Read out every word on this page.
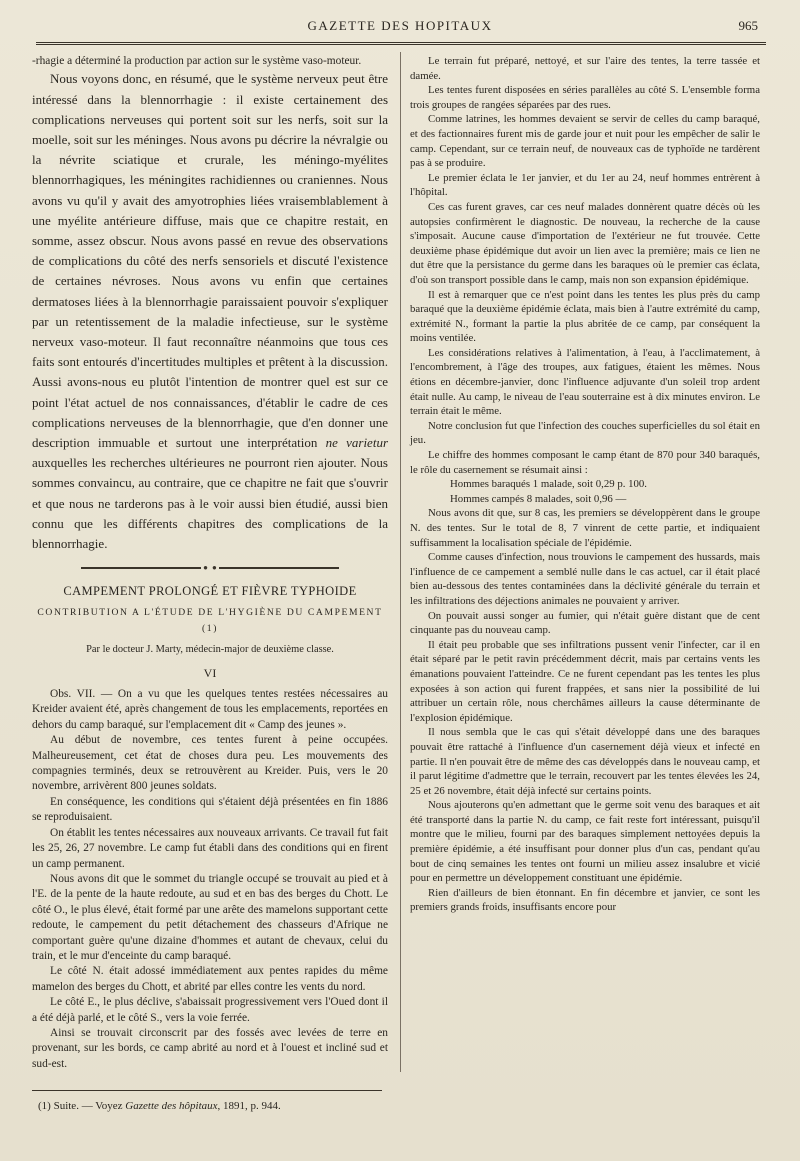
GAZETTE DES HOPITAUX	965

-rhagie a déterminé la production par action sur le système vaso-moteur.

Nous voyons donc, en résumé, que le système nerveux peut être intéressé dans la blennorrhagie : il existe certainement des complications nerveuses qui portent soit sur les nerfs, soit sur la moelle, soit sur les méninges. Nous avons pu décrire la névralgie ou la névrite sciatique et crurale, les méningo-myélites blennorrhagiques, les méningites rachidiennes ou craniennes. Nous avons vu qu'il y avait des amyotrophies liées vraisemblablement à une myélite antérieure diffuse, mais que ce chapitre restait, en somme, assez obscur. Nous avons passé en revue des observations de complications du côté des nerfs sensoriels et discuté l'existence de certaines névroses. Nous avons vu enfin que certaines dermatoses liées à la blennorrhagie paraissaient pouvoir s'expliquer par un retentissement de la maladie infectieuse, sur le système nerveux vaso-moteur. Il faut reconnaître néanmoins que tous ces faits sont entourés d'incertitudes multiples et prêtent à la discussion. Aussi avons-nous eu plutôt l'intention de montrer quel est sur ce point l'état actuel de nos connaissances, d'établir le cadre de ces complications nerveuses de la blennorrhagie, que d'en donner une description immuable et surtout une interprétation ne varietur auxquelles les recherches ultérieures ne pourront rien ajouter. Nous sommes convaincu, au contraire, que ce chapitre ne fait que s'ouvrir et que nous ne tarderons pas à le voir aussi bien étudié, aussi bien connu que les différents chapitres des complications de la blennorrhagie.

● ●
CAMPEMENT PROLONGÉ ET FIÈVRE TYPHOIDE
CONTRIBUTION A L'ÉTUDE DE L'HYGIÈNE DU CAMPEMENT (1)
Par le docteur J. Marty, médecin-major de deuxième classe.
VI

Obs. VII. — On a vu que les quelques tentes restées nécessaires au Kreider avaient été, après changement de tous les emplacements, reportées en dehors du camp baraqué, sur l'emplacement dit « Camp des jeunes ».

Au début de novembre, ces tentes furent à peine occupées. Malheureusement, cet état de choses dura peu. Les mouvements des compagnies terminés, deux se retrouvèrent au Kreider. Puis, vers le 20 novembre, arrivèrent 800 jeunes soldats.

En conséquence, les conditions qui s'étaient déjà présentées en fin 1886 se reproduisaient.

On établit les tentes nécessaires aux nouveaux arrivants. Ce travail fut fait les 25, 26, 27 novembre. Le camp fut établi dans des conditions qui en firent un camp permanent.

Nous avons dit que le sommet du triangle occupé se trouvait au pied et à l'E. de la pente de la haute redoute, au sud et en bas des berges du Chott. Le côté O., le plus élevé, était formé par une arête des mamelons supportant cette redoute, le campement du petit détachement des chasseurs d'Afrique ne comportant guère qu'une dizaine d'hommes et autant de chevaux, celui du train, et le mur d'enceinte du camp baraqué.

Le côté N. était adossé immédiatement aux pentes rapides du même mamelon des berges du Chott, et abrité par elles contre les vents du nord.

Le côté E., le plus déclive, s'abaissait progressivement vers l'Oued dont il a été déjà parlé, et le côté S., vers la voie ferrée.

Ainsi se trouvait circonscrit par des fossés avec levées de terre en provenant, sur les bords, ce camp abrité au nord et à l'ouest et incliné sud et sud-est.

(1) Suite. — Voyez Gazette des hôpitaux, 1891, p. 944.

Le terrain fut préparé, nettoyé, et sur l'aire des tentes, la terre tassée et damée.

Les tentes furent disposées en séries parallèles au côté S. L'ensemble forma trois groupes de rangées séparées par des rues.

Comme latrines, les hommes devaient se servir de celles du camp baraqué, et des factionnaires furent mis de garde jour et nuit pour les empêcher de salir le camp. Cependant, sur ce terrain neuf, de nouveaux cas de typhoïde ne tardèrent pas à se produire.

Le premier éclata le 1er janvier, et du 1er au 24, neuf hommes entrèrent à l'hôpital.

Ces cas furent graves, car ces neuf malades donnèrent quatre décès où les autopsies confirmèrent le diagnostic. De nouveau, la recherche de la cause s'imposait. Aucune cause d'importation de l'extérieur ne fut trouvée. Cette deuxième phase épidémique dut avoir un lien avec la première; mais ce lien ne dut être que la persistance du germe dans les baraques où le premier cas éclata, d'où son transport possible dans le camp, mais non son expansion épidémique.

Il est à remarquer que ce n'est point dans les tentes les plus près du camp baraqué que la deuxième épidémie éclata, mais bien à l'autre extrémité du camp, extrémité N., formant la partie la plus abritée de ce camp, par conséquent la moins ventilée.

Les considérations relatives à l'alimentation, à l'eau, à l'acclimatement, à l'encombrement, à l'âge des troupes, aux fatigues, étaient les mêmes. Nous étions en décembre-janvier, donc l'influence adjuvante d'un soleil trop ardent était nulle. Au camp, le niveau de l'eau souterraine est à dix minutes environ. Le terrain était le même.

Notre conclusion fut que l'infection des couches superficielles du sol était en jeu.

Le chiffre des hommes composant le camp étant de 870 pour 340 baraqués, le rôle du casernement se résumait ainsi :

Hommes baraqués 1 malade, soit 0,29 p. 100.

Hommes campés 8 malades, soit 0,96 —

Nous avons dit que, sur 8 cas, les premiers se développèrent dans le groupe N. des tentes. Sur le total de 8, 7 vinrent de cette partie, et indiquaient suffisamment la localisation spéciale de l'épidémie.

Comme causes d'infection, nous trouvions le campement des hussards, mais l'influence de ce campement a semblé nulle dans le cas actuel, car il était placé bien au-dessous des tentes contaminées dans la déclivité générale du terrain et les infiltrations des déjections animales ne pouvaient y arriver.

On pouvait aussi songer au fumier, qui n'était guère distant que de cent cinquante pas du nouveau camp.

Il était peu probable que ses infiltrations pussent venir l'infecter, car il en était séparé par le petit ravin précédemment décrit, mais par certains vents les émanations pouvaient l'atteindre. Ce ne furent cependant pas les tentes les plus exposées à son action qui furent frappées, et sans nier la possibilité de lui attribuer un certain rôle, nous cherchâmes ailleurs la cause déterminante de l'explosion épidémique.

Il nous sembla que le cas qui s'était développé dans une des baraques pouvait être rattaché à l'influence d'un casernement déjà vieux et infecté en partie. Il n'en pouvait être de même des cas développés dans le nouveau camp, et il parut légitime d'admettre que le terrain, recouvert par les tentes élevées les 24, 25 et 26 novembre, était déjà infecté sur certains points.

Nous ajouterons qu'en admettant que le germe soit venu des baraques et ait été transporté dans la partie N. du camp, ce fait reste fort intéressant, puisqu'il montre que le milieu, fourni par des baraques simplement nettoyées depuis la première épidémie, a été insuffisant pour donner plus d'un cas, pendant qu'au bout de cinq semaines les tentes ont fourni un milieu assez insalubre et vicié pour en permettre un développement constituant une épidémie.

Rien d'ailleurs de bien étonnant. En fin décembre et janvier, ce sont les premiers grands froids, insuffisants encore pour
